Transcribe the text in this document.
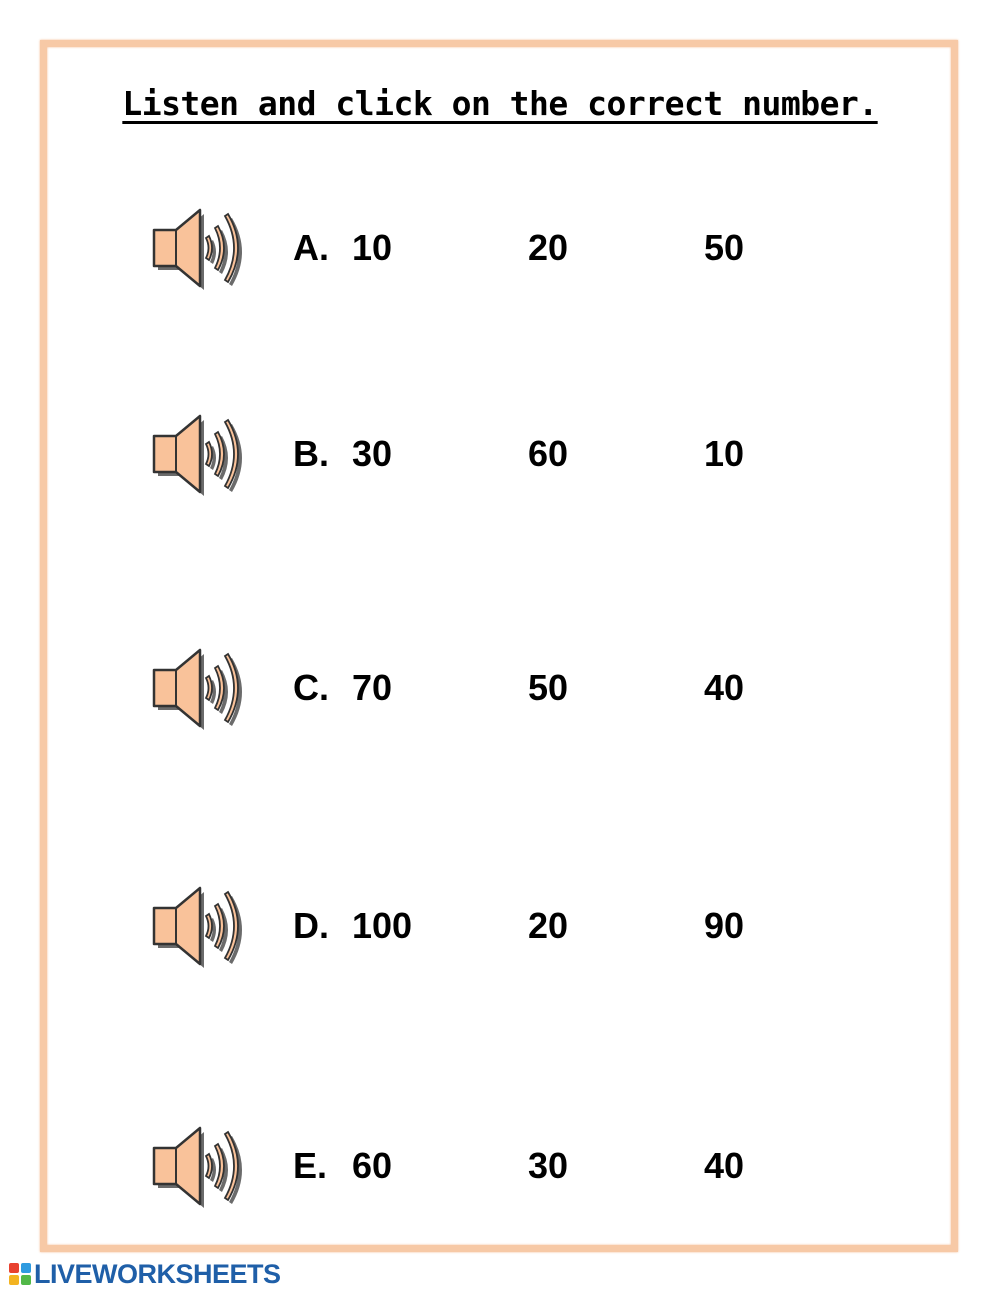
Listen and click on the correct number.
A. 10	20	50
B. 30	60	10
C. 70	50	40
D. 100	20	90
E. 60	30	40
LIVEWORKSHEETS
